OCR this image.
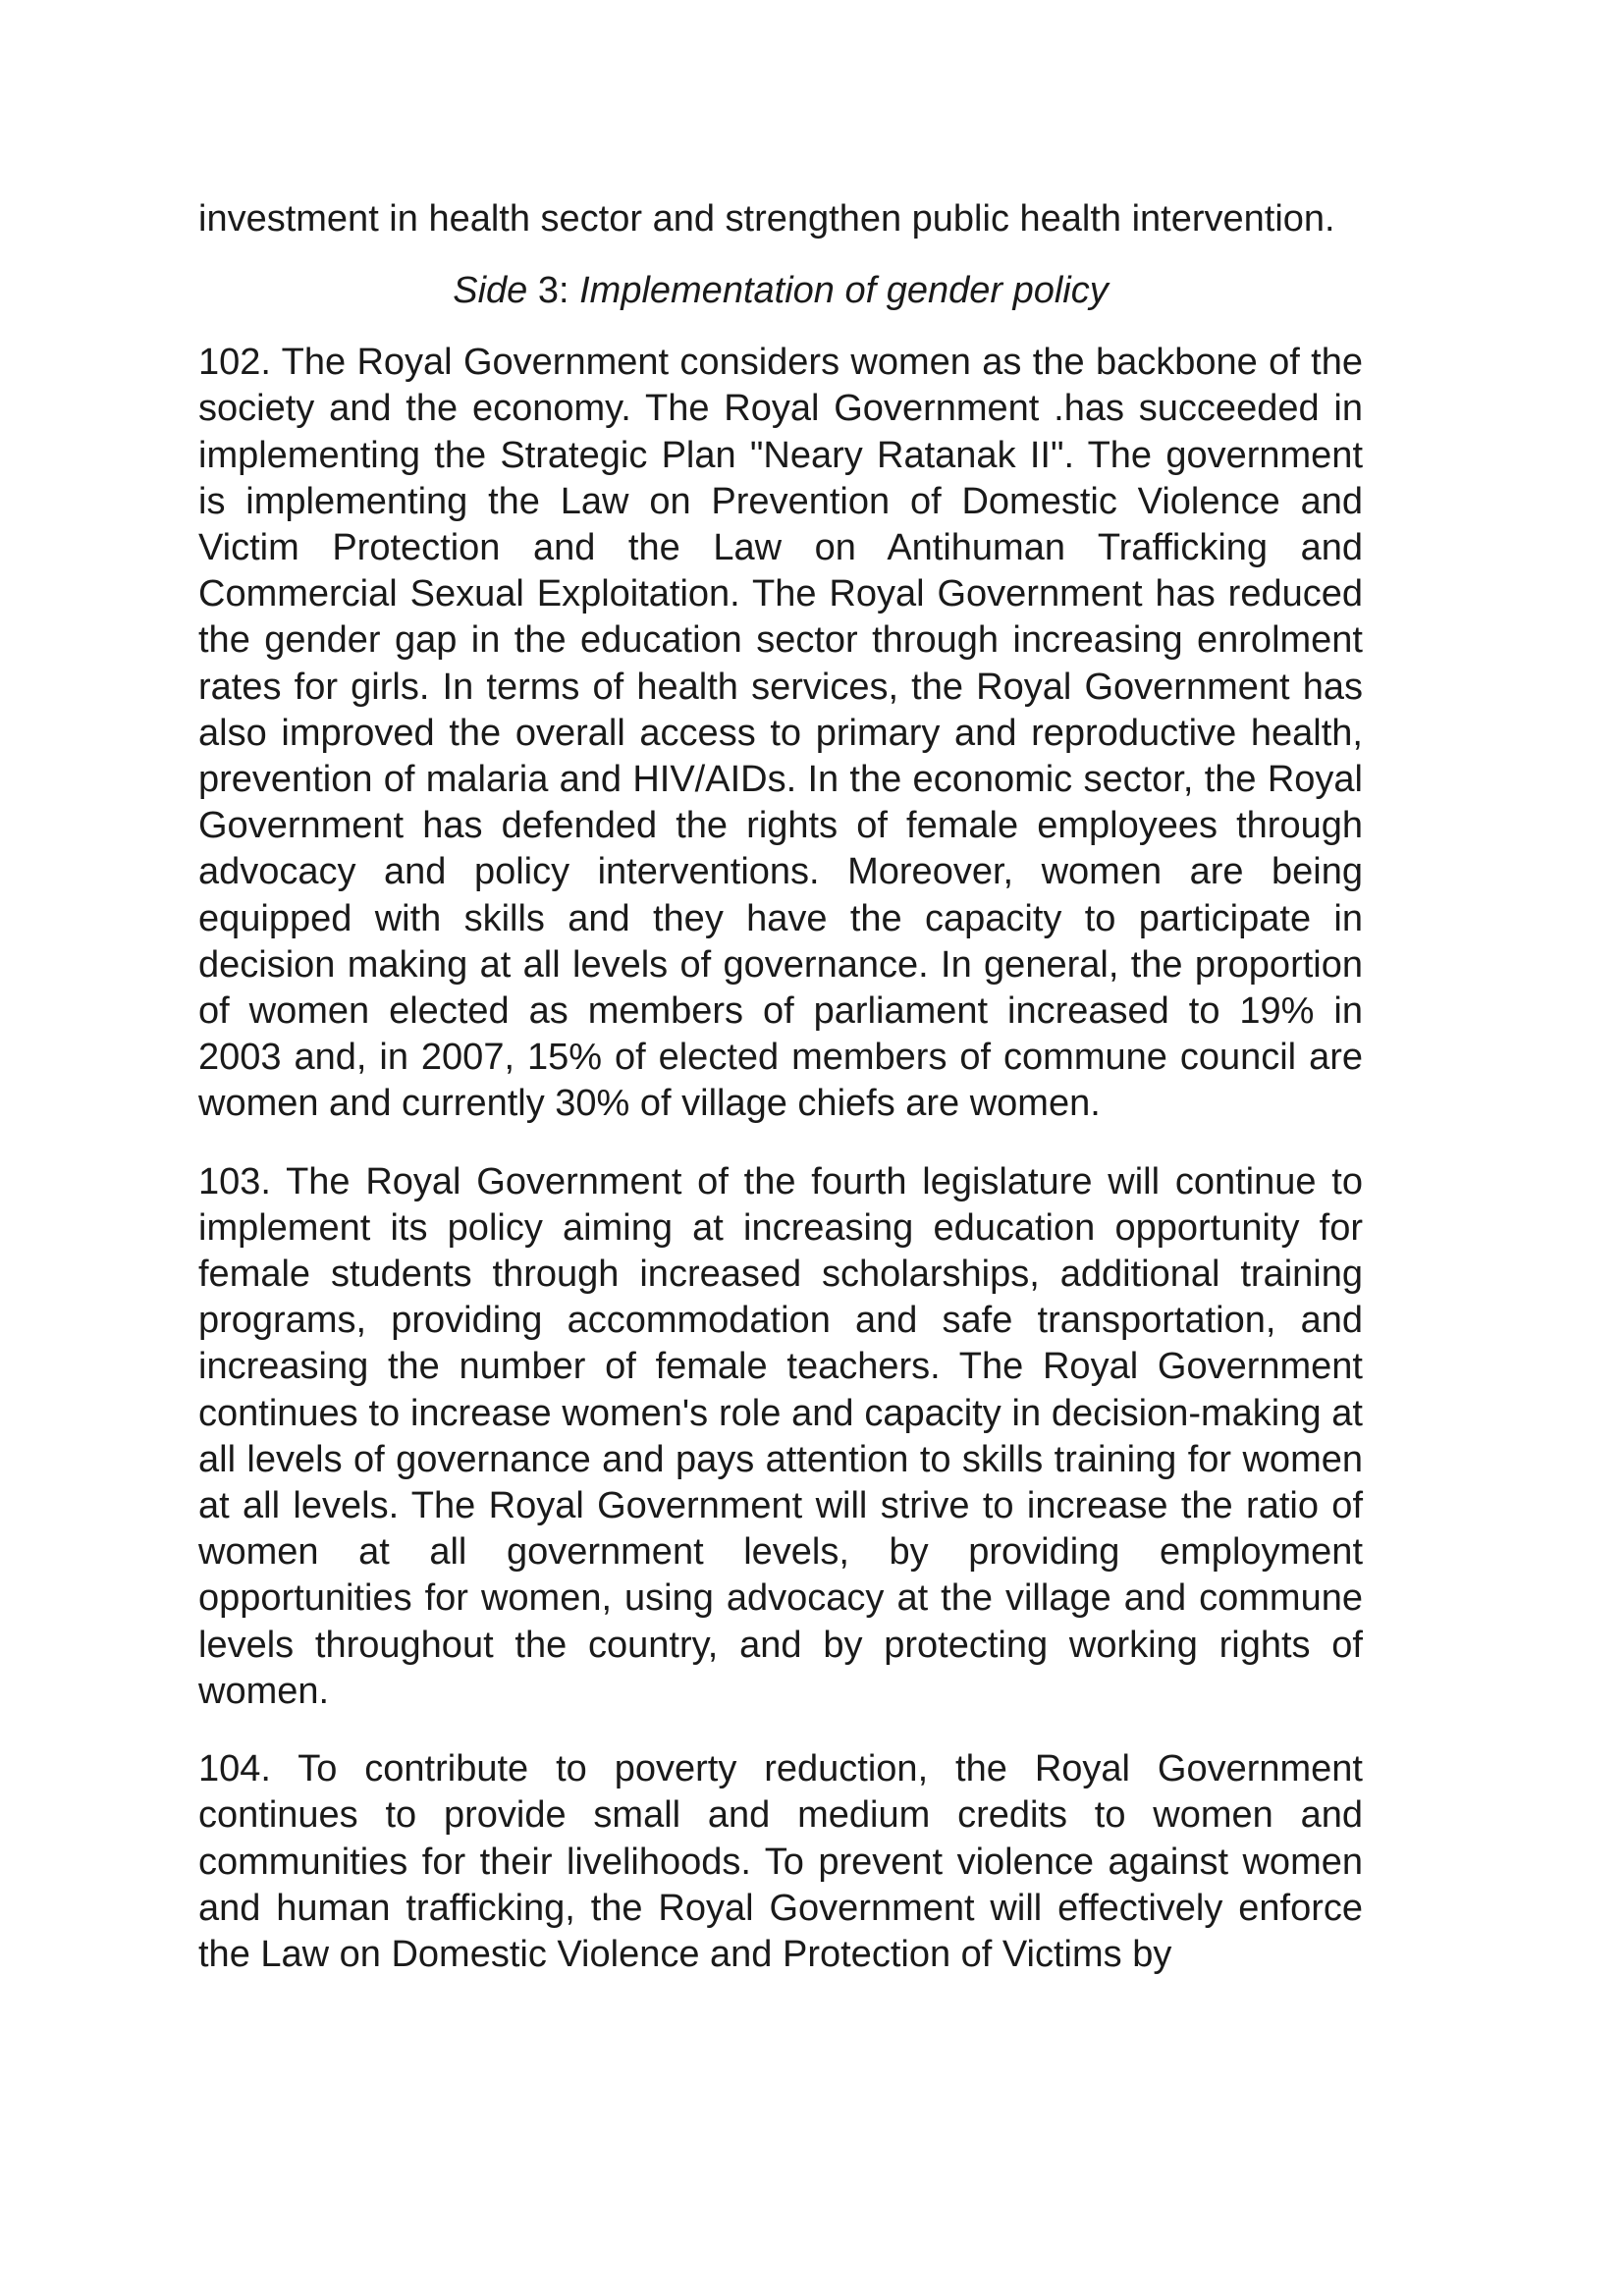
investment in health sector and strengthen public health intervention.

Side 3: Implementation of gender policy

102. The Royal Government considers women as the backbone of the society and the economy. The Royal Government .has succeeded in implementing the Strategic Plan "Neary Ratanak II". The government is implementing the Law on Prevention of Domestic Violence and Victim Protection and the Law on Antihuman Trafficking and Commercial Sexual Exploitation. The Royal Government has reduced the gender gap in the education sector through increasing enrolment rates for girls. In terms of health services, the Royal Government has also improved the overall access to primary and reproductive health, prevention of malaria and HIV/AIDs. In the economic sector, the Royal Government has defended the rights of female employees through advocacy and policy interventions. Moreover, women are being equipped with skills and they have the capacity to participate in decision making at all levels of governance. In general, the proportion of women elected as members of parliament increased to 19% in 2003 and, in 2007, 15% of elected members of commune council are women and currently 30% of village chiefs are women.

103. The Royal Government of the fourth legislature will continue to implement its policy aiming at increasing education opportunity for female students through increased scholarships, additional training programs, providing accommodation and safe transportation, and increasing the number of female teachers. The Royal Government continues to increase women's role and capacity in decision-making at all levels of governance and pays attention to skills training for women at all levels. The Royal Government will strive to increase the ratio of women at all government levels, by providing employment opportunities for women, using advocacy at the village and commune levels throughout the country, and by protecting working rights of women.

104. To contribute to poverty reduction, the Royal Government continues to provide small and medium credits to women and communities for their livelihoods. To prevent violence against women and human trafficking, the Royal Government will effectively enforce the Law on Domestic Violence and Protection of Victims by
